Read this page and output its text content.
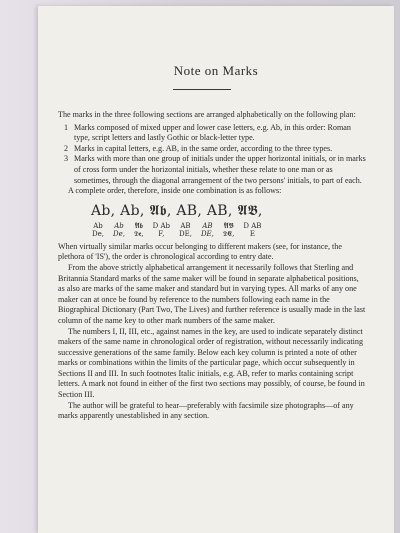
Note on Marks

The marks in the three following sections are arranged alphabetically on the following plan:

1 Marks composed of mixed upper and lower case letters, e.g. Ab, in this order: Roman type, script letters and lastly Gothic or black-letter type.
2 Marks in capital letters, e.g. AB, in the same order, according to the three types.
3 Marks with more than one group of initials under the upper horizontal initials, or in marks of cross form under the horizontal initials, whether these relate to one man or as sometimes, through the diagonal arrangement of the two persons' initials, to part of each.

A complete order, therefore, inside one combination is as follows:

Ab, Ab, 𝕬𝖇, AB, AB, 𝕬𝕭,
Ab
De,
Ab
De,
𝕬𝖇
𝕯𝖊,
D Ab
F,
AB
DE,
AB
DE,
𝕬𝕭
𝕯𝕰,
D AB
E

When virtually similar marks occur belonging to different makers (see, for instance, the plethora of 'IS'), the order is chronological according to entry date.

From the above strictly alphabetical arrangement it necessarily follows that Sterling and Britannia Standard marks of the same maker will be found in separate alphabetical positions, as also are marks of the same maker and standard but in varying types. All marks of any one maker can at once be found by reference to the numbers following each name in the Biographical Dictionary (Part Two, The Lives) and further reference is usually made in the last column of the name key to other mark numbers of the same maker.

The numbers I, II, III, etc., against names in the key, are used to indicate separately distinct makers of the same name in chronological order of registration, without necessarily indicating successive generations of the same family. Below each key column is printed a note of other marks or combinations within the limits of the particular page, which occur subsequently in Sections II and III. In such footnotes Italic initials, e.g. AB, refer to marks containing script letters. A mark not found in either of the first two sections may possibly, of course, be found in Section III.

The author will be grateful to hear—preferably with facsimile size photographs—of any marks apparently unestablished in any section.
